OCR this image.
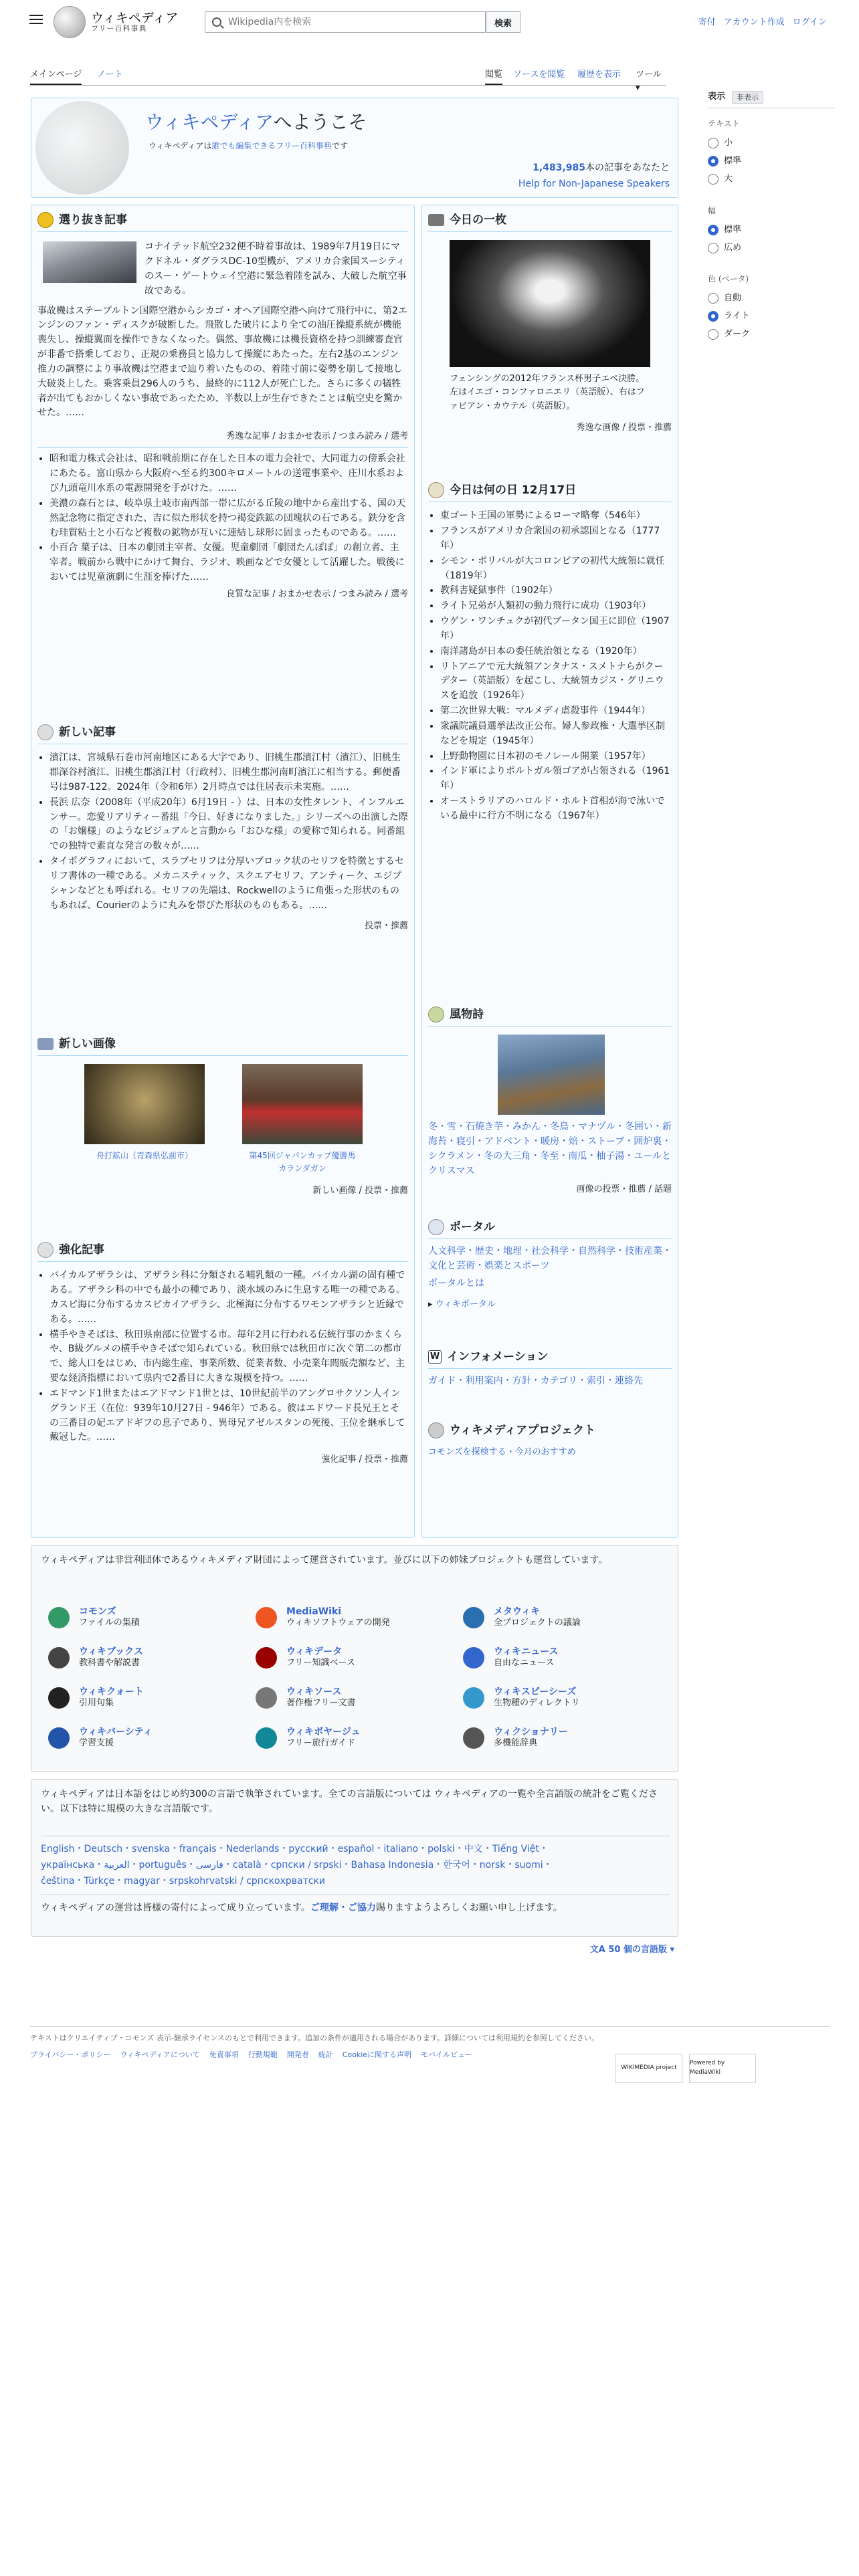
ウィキペディア
フリー百科事典
Wikipedia内を検索
検索	寄付 アカウント作成 ログイン
メインページ ノート	閲覧 ソースを閲覧 履歴を表示 ツール ▾
表示	非表示
テキスト
小
標準
大
幅
標準
広め
色 (ベータ)
自動
ライト
ダーク
ウィキペディアへようこそ
ウィキペディアは誰でも編集できるフリー百科事典です
1,483,985本の記事をあなたと
Help for Non-Japanese Speakers
選り抜き記事
コナイテッド航空232便不時着事故は、1989年7月19日にマクドネル・ダグラスDC-10型機が、アメリカ合衆国スーシティのスー・ゲートウェイ空港に緊急着陸を試み、大破した航空事故である。
事故機はステープルトン国際空港からシカゴ・オヘア国際空港へ向けて飛行中に、第2エンジンのファン・ディスクが破断した。飛散した破片により全ての油圧操縦系統が機能喪失し、操縦翼面を操作できなくなった。偶然、事故機には機長資格を持つ訓練審査官が非番で搭乗しており、正規の乗務員と協力して操縦にあたった。左右2基のエンジン推力の調整により事故機は空港まで辿り着いたものの、着陸寸前に姿勢を崩して接地し大破炎上した。乗客乗員296人のうち、最終的に112人が死亡した。さらに多くの犠牲者が出てもおかしくない事故であったため、半数以上が生存できたことは航空史を驚かせた。……
秀逸な記事 / おまかせ表示 / つまみ読み / 選考
• 昭和電力株式会社は、昭和戦前期に存在した日本の電力会社で、大同電力の傍系会社にあたる。富山県から大阪府へ至る約300キロメートルの送電事業や、庄川水系および九頭竜川水系の電源開発を手がけた。……
• 美濃の森石とは、岐阜県土岐市南西部一帯に広がる丘陵の地中から産出する、国の天然記念物に指定された、吉に似た形状を持つ褐変鉄鉱の団塊状の石である。鉄分を含む珪質粘土と小石など複数の鉱物が互いに連結し球形に固まったものである。……
• 小百合 葉子は、日本の劇団主宰者、女優。児童劇団「劇団たんぽぽ」の創立者、主宰者。戦前から戦中にかけて舞台、ラジオ、映画などで女優として活躍した。戦後においては児童演劇に生涯を捧げた……
良質な記事 / おまかせ表示 / つまみ読み / 選考
新しい記事
• 濱江は、宮城県石巻市河南地区にある大字であり、旧桃生郡濱江村（濱江）、旧桃生郡深谷村濱江、旧桃生郡濱江村（行政村）、旧桃生郡河南町濱江に相当する。郵便番号は987-122。2024年（令和6年）2月時点では住居表示未実施。……
• 長浜 広奈（2008年（平成20年）6月19日 - ）は、日本の女性タレント、インフルエンサー。恋愛リアリティー番組「今日、好きになりました。」シリーズへの出演した際の「お嬢様」のようなビジュアルと言動から「おひな様」の愛称で知られる。同番組での独特で素直な発言の数々が……
• タイポグラフィにおいて、スラブセリフは分厚いブロック状のセリフを特徴とするセリフ書体の一種である。メカニスティック、スクエアセリフ、アンティーク、エジプシャンなどとも呼ばれる。セリフの先端は、Rockwellのように角張った形状のものもあれば、Courierのように丸みを帯びた形状のものもある。……
投票・推薦
新しい画像
舟打鉱山（青森県弘前市）	第45回ジャパンカップ優勝馬
カランダガン
新しい画像 / 投票・推薦
強化記事
• バイカルアザラシは、アザラシ科に分類される哺乳類の一種。バイカル湖の固有種である。アザラシ科の中でも最小の種であり、淡水域のみに生息する唯一の種である。カスピ海に分布するカスピカイアザラシ、北極海に分布するワモンアザラシと近縁である。……
• 横手やきそばは、秋田県南部に位置する市。毎年2月に行われる伝統行事のかまくらや、B級グルメの横手やきそばで知られている。秋田県では秋田市に次ぐ第二の都市で、総人口をはじめ、市内総生産、事業所数、従業者数、小売業年間販売額など、主要な経済指標において県内で2番目に大きな規模を持つ。……
• エドマンド1世またはエアドマンド1世とは、10世紀前半のアングロサクソン人イングランド王（在位：939年10月27日 - 946年）である。彼はエドワード長兄王とその三番目の妃エアドギフの息子であり、異母兄アゼルスタンの死後、王位を継承して戴冠した。……
強化記事 / 投票・推薦
今日の一枚
フェンシングの2012年フランス杯男子エペ決勝。左はイエゴ・コンファロニエリ（英語版）、右はファビアン・カウテル（英語版）。
秀逸な画像 / 投票・推薦
今日は何の日 12月17日
• 東ゴート王国の軍勢によるローマ略奪（546年）
• フランスがアメリカ合衆国の初承認国となる（1777年）
• シモン・ボリバルが大コロンビアの初代大統領に就任（1819年）
• 教科書疑獄事件（1902年）
• ライト兄弟が人類初の動力飛行に成功（1903年）
• ウゲン・ワンチュクが初代ブータン国王に即位（1907年）
• 南洋諸島が日本の委任統治領となる（1920年）
• リトアニアで元大統領アンタナス・スメトナらがクーデター（英語版）を起こし、大統領カジス・グリニウスを追放（1926年）
• 第二次世界大戦：マルメディ虐殺事件（1944年）
• 衆議院議員選挙法改正公布。婦人参政権・大選挙区制などを規定（1945年）
• 上野動物園に日本初のモノレール開業（1957年）
• インド軍によりポルトガル領ゴアが占領される（1961年）
• オーストラリアのハロルド・ホルト首相が海で泳いでいる最中に行方不明になる（1967年）
風物詩
冬・雪・石焼き芋・みかん・冬鳥・マナヅル・冬囲い・新海苔・寝引・アドベント・暖房・焙・ストーブ・囲炉裏・シクラメン・冬の大三角・冬至・南瓜・柚子湯・ユールとクリスマス
画像の投票・推薦 / 話題
ポータル
人文科学・歴史・地理・社会科学・自然科学・技術産業・文化と芸術・娯楽とスポーツ
ポータルとは
▸ ウィキポータル
W インフォメーション
ガイド・利用案内・方針・カテゴリ・索引・連絡先
ウィキメディアプロジェクト
コモンズを探検する・今月のおすすめ
ウィキペディアは非営利団体であるウィキメディア財団によって運営されています。並びに以下の姉妹プロジェクトも運営しています。
コモンズ
ファイルの集積
MediaWiki
ウィキソフトウェアの開発
メタウィキ
全プロジェクトの議論
ウィキブックス
教科書や解説書
ウィキデータ
フリー知識ベース
ウィキニュース
自由なニュース
ウィキクォート
引用句集
ウィキソース
著作権フリー文書
ウィキスピーシーズ
生物種のディレクトリ
ウィキバーシティ
学習支援
ウィキボヤージュ
フリー旅行ガイド
ウィクショナリー
多機能辞典
ウィキペディアは日本語をはじめ約300の言語で執筆されています。全ての言語版については ウィキペディアの一覧や全言語版の統計をご覧ください。以下は特に規模の大きな言語版です。
English・Deutsch・svenska・français・Nederlands・русский・español・italiano・polski・中文・Tiếng Việt・
українська・العربية・português・فارسی・català・српски / srpski・Bahasa Indonesia・한국어・norsk・suomi・
čeština・Türkçe・magyar・srpskohrvatski / српскохрватски
ウィキペディアの運営は皆様の寄付によって成り立っています。ご理解・ご協力賜りますようよろしくお願い申し上げます。
文A 50 個の言語版 ▾
テキストはクリエイティブ・コモンズ 表示-継承ライセンスのもとで利用できます。追加の条件が適用される場合があります。詳細については利用規約を参照してください。
プライバシー・ポリシー ウィキペディアについて 免責事項 行動規範 開発者 統計 Cookieに関する声明 モバイルビュー
WIKIMEDIA project
Powered by MediaWiki
